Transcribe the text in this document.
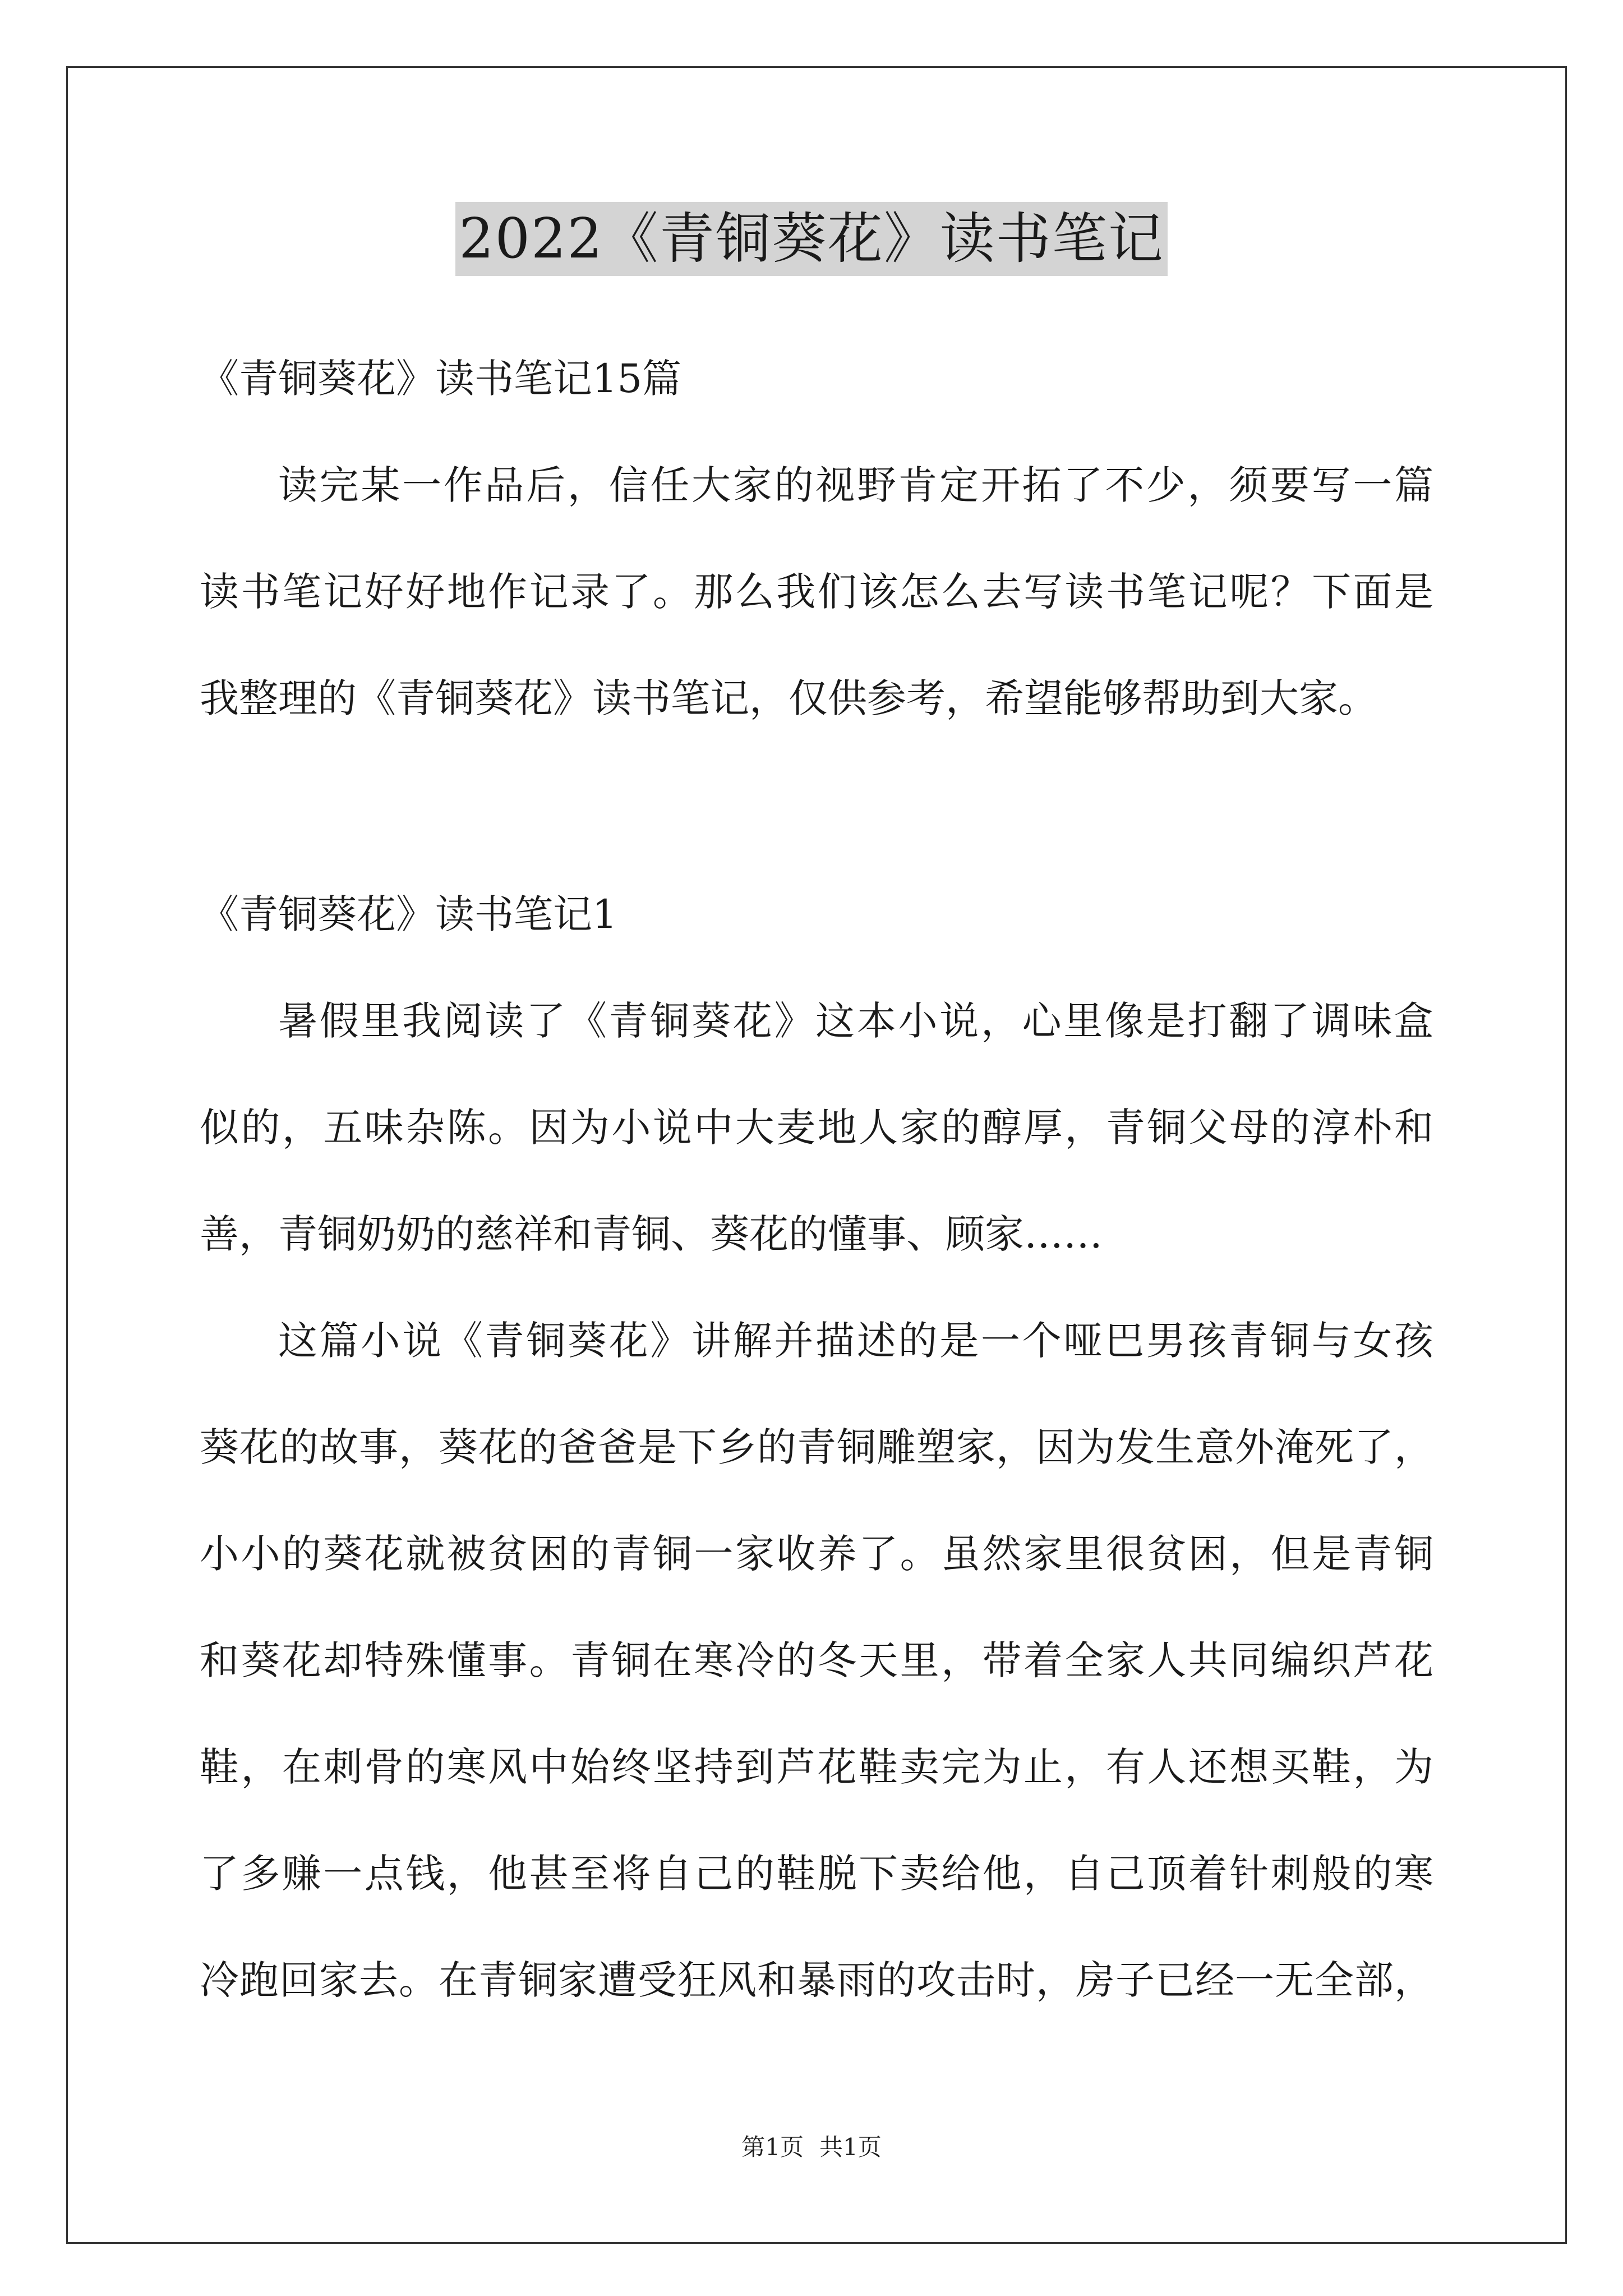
2022《青铜葵花》读书笔记
《青铜葵花》读书笔记15篇
读完某一作品后，信任大家的视野肯定开拓了不少，须要写一篇
读书笔记好好地作记录了。那么我们该怎么去写读书笔记呢？下面是
我整理的《青铜葵花》读书笔记，仅供参考，希望能够帮助到大家。
《青铜葵花》读书笔记1
暑假里我阅读了《青铜葵花》这本小说，心里像是打翻了调味盒
似的，五味杂陈。因为小说中大麦地人家的醇厚，青铜父母的淳朴和
善，青铜奶奶的慈祥和青铜、葵花的懂事、顾家……
这篇小说《青铜葵花》讲解并描述的是一个哑巴男孩青铜与女孩
葵花的故事，葵花的爸爸是下乡的青铜雕塑家，因为发生意外淹死了，
小小的葵花就被贫困的青铜一家收养了。虽然家里很贫困，但是青铜
和葵花却特殊懂事。青铜在寒冷的冬天里，带着全家人共同编织芦花
鞋，在刺骨的寒风中始终坚持到芦花鞋卖完为止，有人还想买鞋，为
了多赚一点钱，他甚至将自己的鞋脱下卖给他，自己顶着针刺般的寒
冷跑回家去。在青铜家遭受狂风和暴雨的攻击时，房子已经一无全部，
第1页 共1页
